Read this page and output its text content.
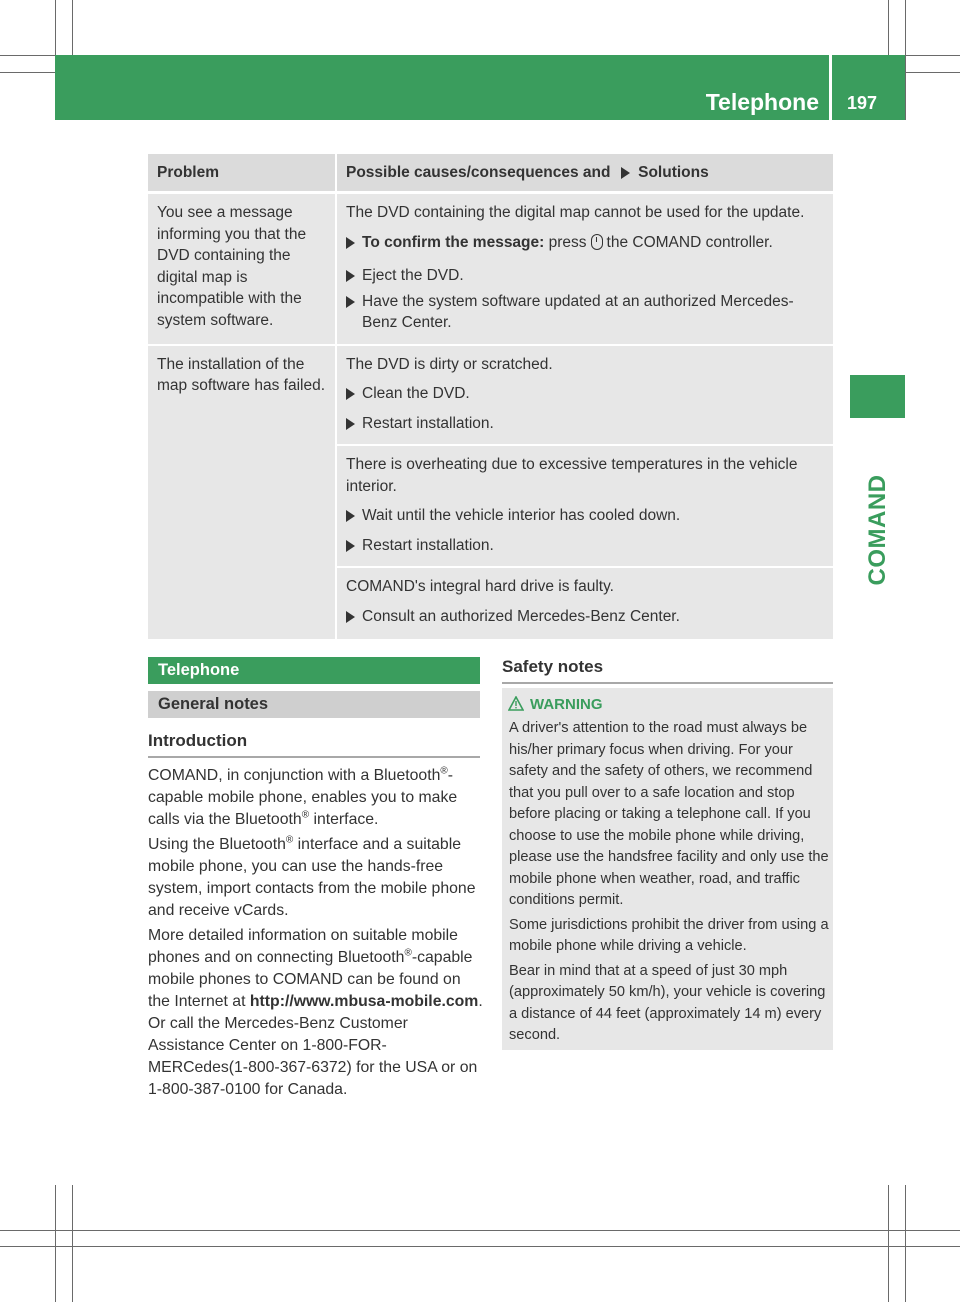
Telephone 197
COMAND
Problem	Possible causes/consequences and Solutions
You see a message informing you that the DVD containing the digital map is incompatible with the system software.	The DVD containing the digital map cannot be used for the update.
To confirm the message: press the COMAND controller.
Eject the DVD.
Have the system software updated at an authorized Mercedes-Benz Center.

The installation of the map software has failed.	The DVD is dirty or scratched.
Clean the DVD.
Restart installation.

	There is overheating due to excessive temperatures in the vehicle interior.
Wait until the vehicle interior has cooled down.
Restart installation.

	COMAND's integral hard drive is faulty.
Consult an authorized Mercedes-Benz Center.
Telephone
General notes
Introduction

COMAND, in conjunction with a Bluetooth®-capable mobile phone, enables you to make calls via the Bluetooth® interface.

Using the Bluetooth® interface and a suitable mobile phone, you can use the hands-free system, import contacts from the mobile phone and receive vCards.

More detailed information on suitable mobile phones and on connecting Bluetooth®-capable mobile phones to COMAND can be found on the Internet at http://www.mbusa-mobile.com. Or call the Mercedes-Benz Customer Assistance Center on 1-800-FOR-MERCedes(1-800-367-6372) for the USA or on 1-800-387-0100 for Canada.

Safety notes
WARNING

A driver's attention to the road must always be his/her primary focus when driving. For your safety and the safety of others, we recommend that you pull over to a safe location and stop before placing or taking a telephone call. If you choose to use the mobile phone while driving, please use the handsfree facility and only use the mobile phone when weather, road, and traffic conditions permit.

Some jurisdictions prohibit the driver from using a mobile phone while driving a vehicle.

Bear in mind that at a speed of just 30 mph (approximately 50 km/h), your vehicle is covering a distance of 44 feet (approximately 14 m) every second.
